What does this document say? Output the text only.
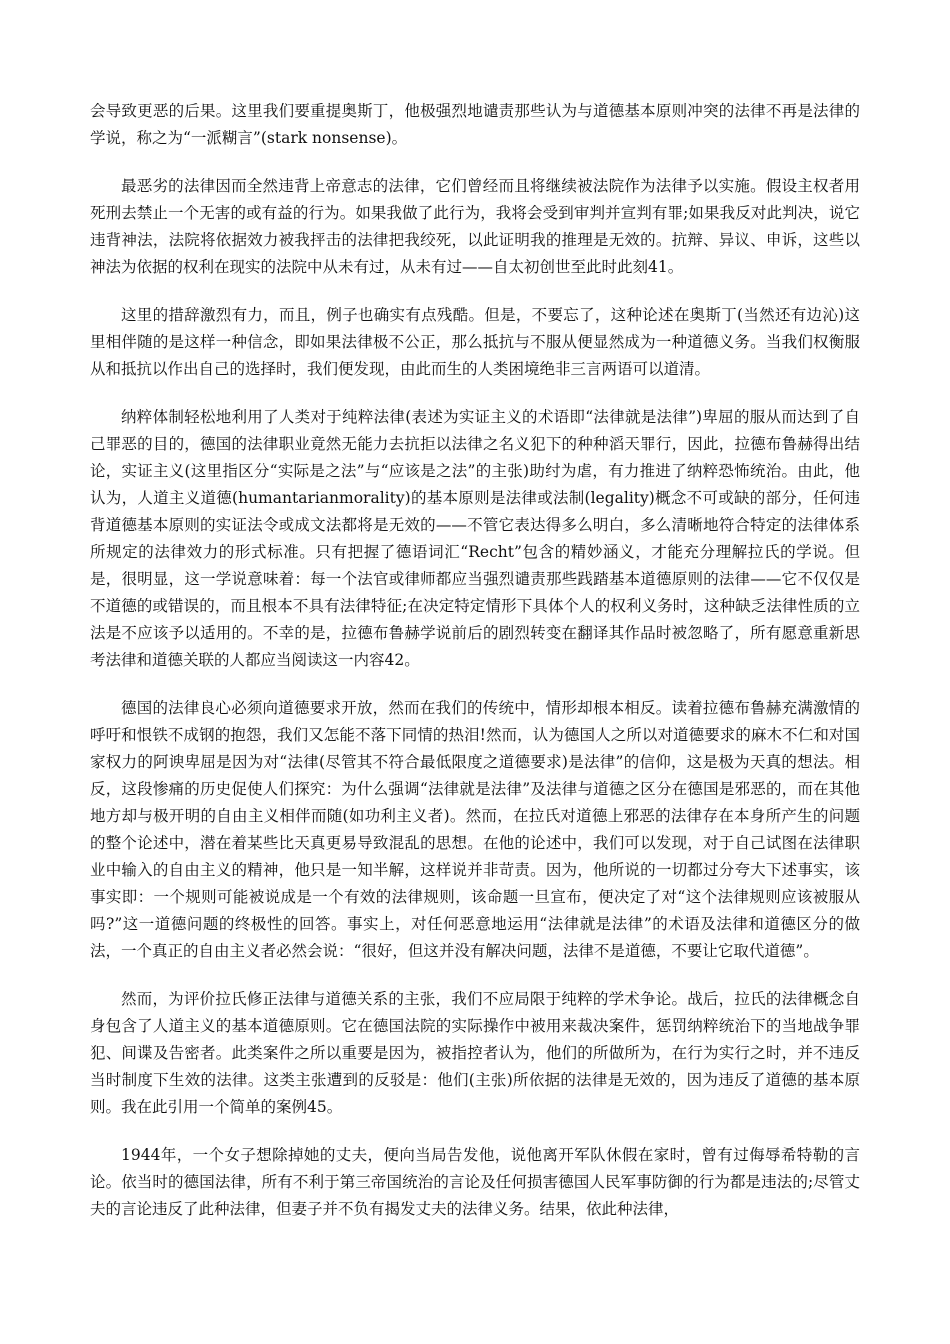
会导致更恶的后果。这里我们要重提奥斯丁，他极强烈地谴责那些认为与道德基本原则冲突的法律不再是法律的学说，称之为“一派糊言”(stark nonsense)。

最恶劣的法律因而全然违背上帝意志的法律，它们曾经而且将继续被法院作为法律予以实施。假设主权者用死刑去禁止一个无害的或有益的行为。如果我做了此行为，我将会受到审判并宣判有罪;如果我反对此判决，说它违背神法，法院将依据效力被我抨击的法律把我绞死，以此证明我的推理是无效的。抗辩、异议、申诉，这些以神法为依据的权利在现实的法院中从未有过，从未有过——自太初创世至此时此刻41。

这里的措辞激烈有力，而且，例子也确实有点残酷。但是，不要忘了，这种论述在奥斯丁(当然还有边沁)这里相伴随的是这样一种信念，即如果法律极不公正，那么抵抗与不服从便显然成为一种道德义务。当我们权衡服从和抵抗以作出自己的选择时，我们便发现，由此而生的人类困境绝非三言两语可以道清。

纳粹体制轻松地利用了人类对于纯粹法律(表述为实证主义的术语即“法律就是法律”)卑屈的服从而达到了自己罪恶的目的，德国的法律职业竟然无能力去抗拒以法律之名义犯下的种种滔天罪行，因此，拉德布鲁赫得出结论，实证主义(这里指区分“实际是之法”与“应该是之法”的主张)助纣为虐，有力推进了纳粹恐怖统治。由此，他认为，人道主义道德(humantarianmorality)的基本原则是法律或法制(legality)概念不可或缺的部分，任何违背道德基本原则的实证法令或成文法都将是无效的——不管它表达得多么明白，多么清晰地符合特定的法律体系所规定的法律效力的形式标准。只有把握了德语词汇“Recht”包含的精妙涵义，才能充分理解拉氏的学说。但是，很明显，这一学说意味着：每一个法官或律师都应当强烈谴责那些践踏基本道德原则的法律——它不仅仅是不道德的或错误的，而且根本不具有法律特征;在决定特定情形下具体个人的权利义务时，这种缺乏法律性质的立法是不应该予以适用的。不幸的是，拉德布鲁赫学说前后的剧烈转变在翻译其作品时被忽略了，所有愿意重新思考法律和道德关联的人都应当阅读这一内容42。

德国的法律良心必须向道德要求开放，然而在我们的传统中，情形却根本相反。读着拉德布鲁赫充满激情的呼吁和恨铁不成钢的抱怨，我们又怎能不落下同情的热泪!然而，认为德国人之所以对道德要求的麻木不仁和对国家权力的阿谀卑屈是因为对“法律(尽管其不符合最低限度之道德要求)是法律”的信仰，这是极为天真的想法。相反，这段惨痛的历史促使人们探究：为什么强调“法律就是法律”及法律与道德之区分在德国是邪恶的，而在其他地方却与极开明的自由主义相伴而随(如功利主义者)。然而，在拉氏对道德上邪恶的法律存在本身所产生的问题的整个论述中，潜在着某些比天真更易导致混乱的思想。在他的论述中，我们可以发现，对于自己试图在法律职业中输入的自由主义的精神，他只是一知半解，这样说并非苛责。因为，他所说的一切都过分夸大下述事实，该事实即：一个规则可能被说成是一个有效的法律规则，该命题一旦宣布，便决定了对“这个法律规则应该被服从吗?”这一道德问题的终极性的回答。事实上，对任何恶意地运用“法律就是法律”的术语及法律和道德区分的做法，一个真正的自由主义者必然会说：“很好，但这并没有解决问题，法律不是道德，不要让它取代道德”。

然而，为评价拉氏修正法律与道德关系的主张，我们不应局限于纯粹的学术争论。战后，拉氏的法律概念自身包含了人道主义的基本道德原则。它在德国法院的实际操作中被用来裁决案件，惩罚纳粹统治下的当地战争罪犯、间谍及告密者。此类案件之所以重要是因为，被指控者认为，他们的所做所为，在行为实行之时，并不违反当时制度下生效的法律。这类主张遭到的反驳是：他们(主张)所依据的法律是无效的，因为违反了道德的基本原则。我在此引用一个简单的案例45。

1944年，一个女子想除掉她的丈夫，便向当局告发他，说他离开军队休假在家时，曾有过侮辱希特勒的言论。依当时的德国法律，所有不利于第三帝国统治的言论及任何损害德国人民军事防御的行为都是违法的;尽管丈夫的言论违反了此种法律，但妻子并不负有揭发丈夫的法律义务。结果，依此种法律，
